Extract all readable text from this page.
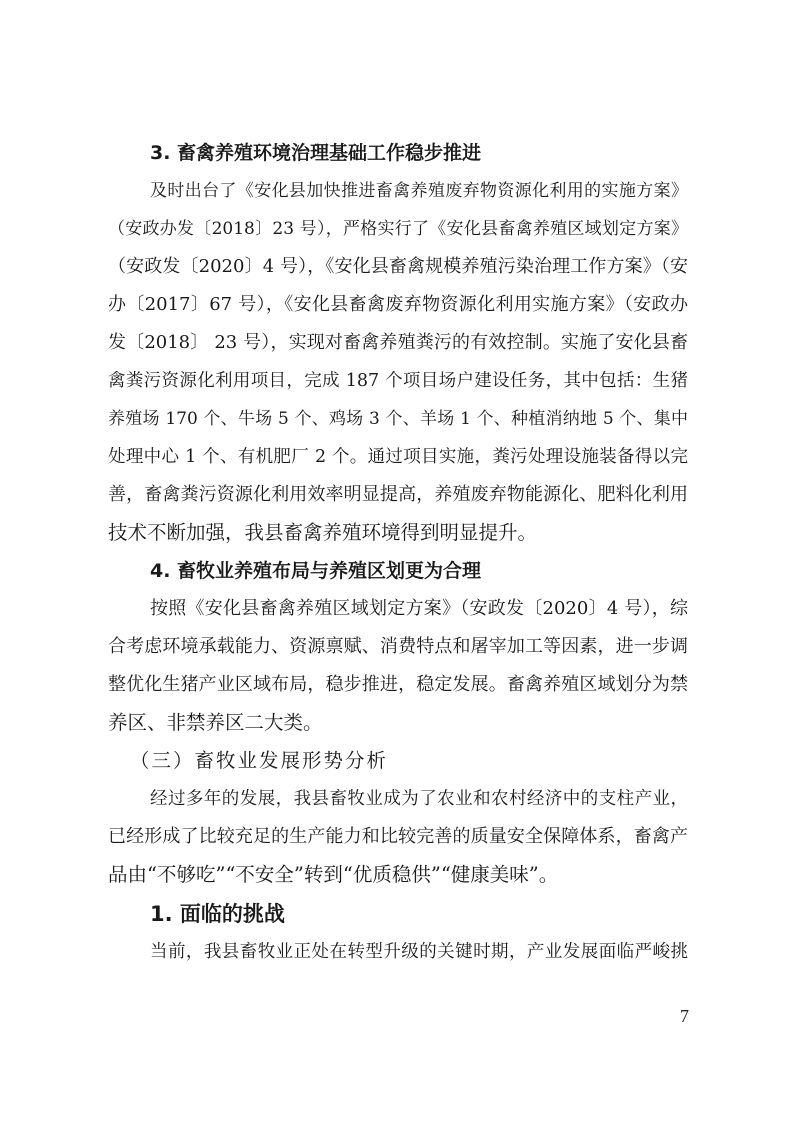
3. 畜禽养殖环境治理基础工作稳步推进
及时出台了《安化县加快推进畜禽养殖废弃物资源化利用的实施方案》
（安政办发〔2018〕23 号），严格实行了《安化县畜禽养殖区域划定方案》
（安政发〔2020〕4 号），《安化县畜禽规模养殖污染治理工作方案》（安
办〔2017〕67 号），《安化县畜禽废弃物资源化利用实施方案》（安政办
发〔2018〕 23 号），实现对畜禽养殖粪污的有效控制。实施了安化县畜
禽粪污资源化利用项目，完成 187 个项目场户建设任务，其中包括：生猪
养殖场 170 个、牛场 5 个、鸡场 3 个、羊场 1 个、种植消纳地 5 个、集中
处理中心 1 个、有机肥厂 2 个。通过项目实施，粪污处理设施装备得以完
善，畜禽粪污资源化利用效率明显提高，养殖废弃物能源化、肥料化利用
技术不断加强，我县畜禽养殖环境得到明显提升。
4. 畜牧业养殖布局与养殖区划更为合理
按照《安化县畜禽养殖区域划定方案》（安政发〔2020〕4 号），综
合考虑环境承载能力、资源禀赋、消费特点和屠宰加工等因素，进一步调
整优化生猪产业区域布局，稳步推进，稳定发展。畜禽养殖区域划分为禁
养区、非禁养区二大类。
（三）畜牧业发展形势分析
经过多年的发展，我县畜牧业成为了农业和农村经济中的支柱产业，
已经形成了比较充足的生产能力和比较完善的质量安全保障体系，畜禽产
品由“不够吃”“不安全”转到“优质稳供”“健康美味”。
1. 面临的挑战
当前，我县畜牧业正处在转型升级的关键时期，产业发展面临严峻挑
7
